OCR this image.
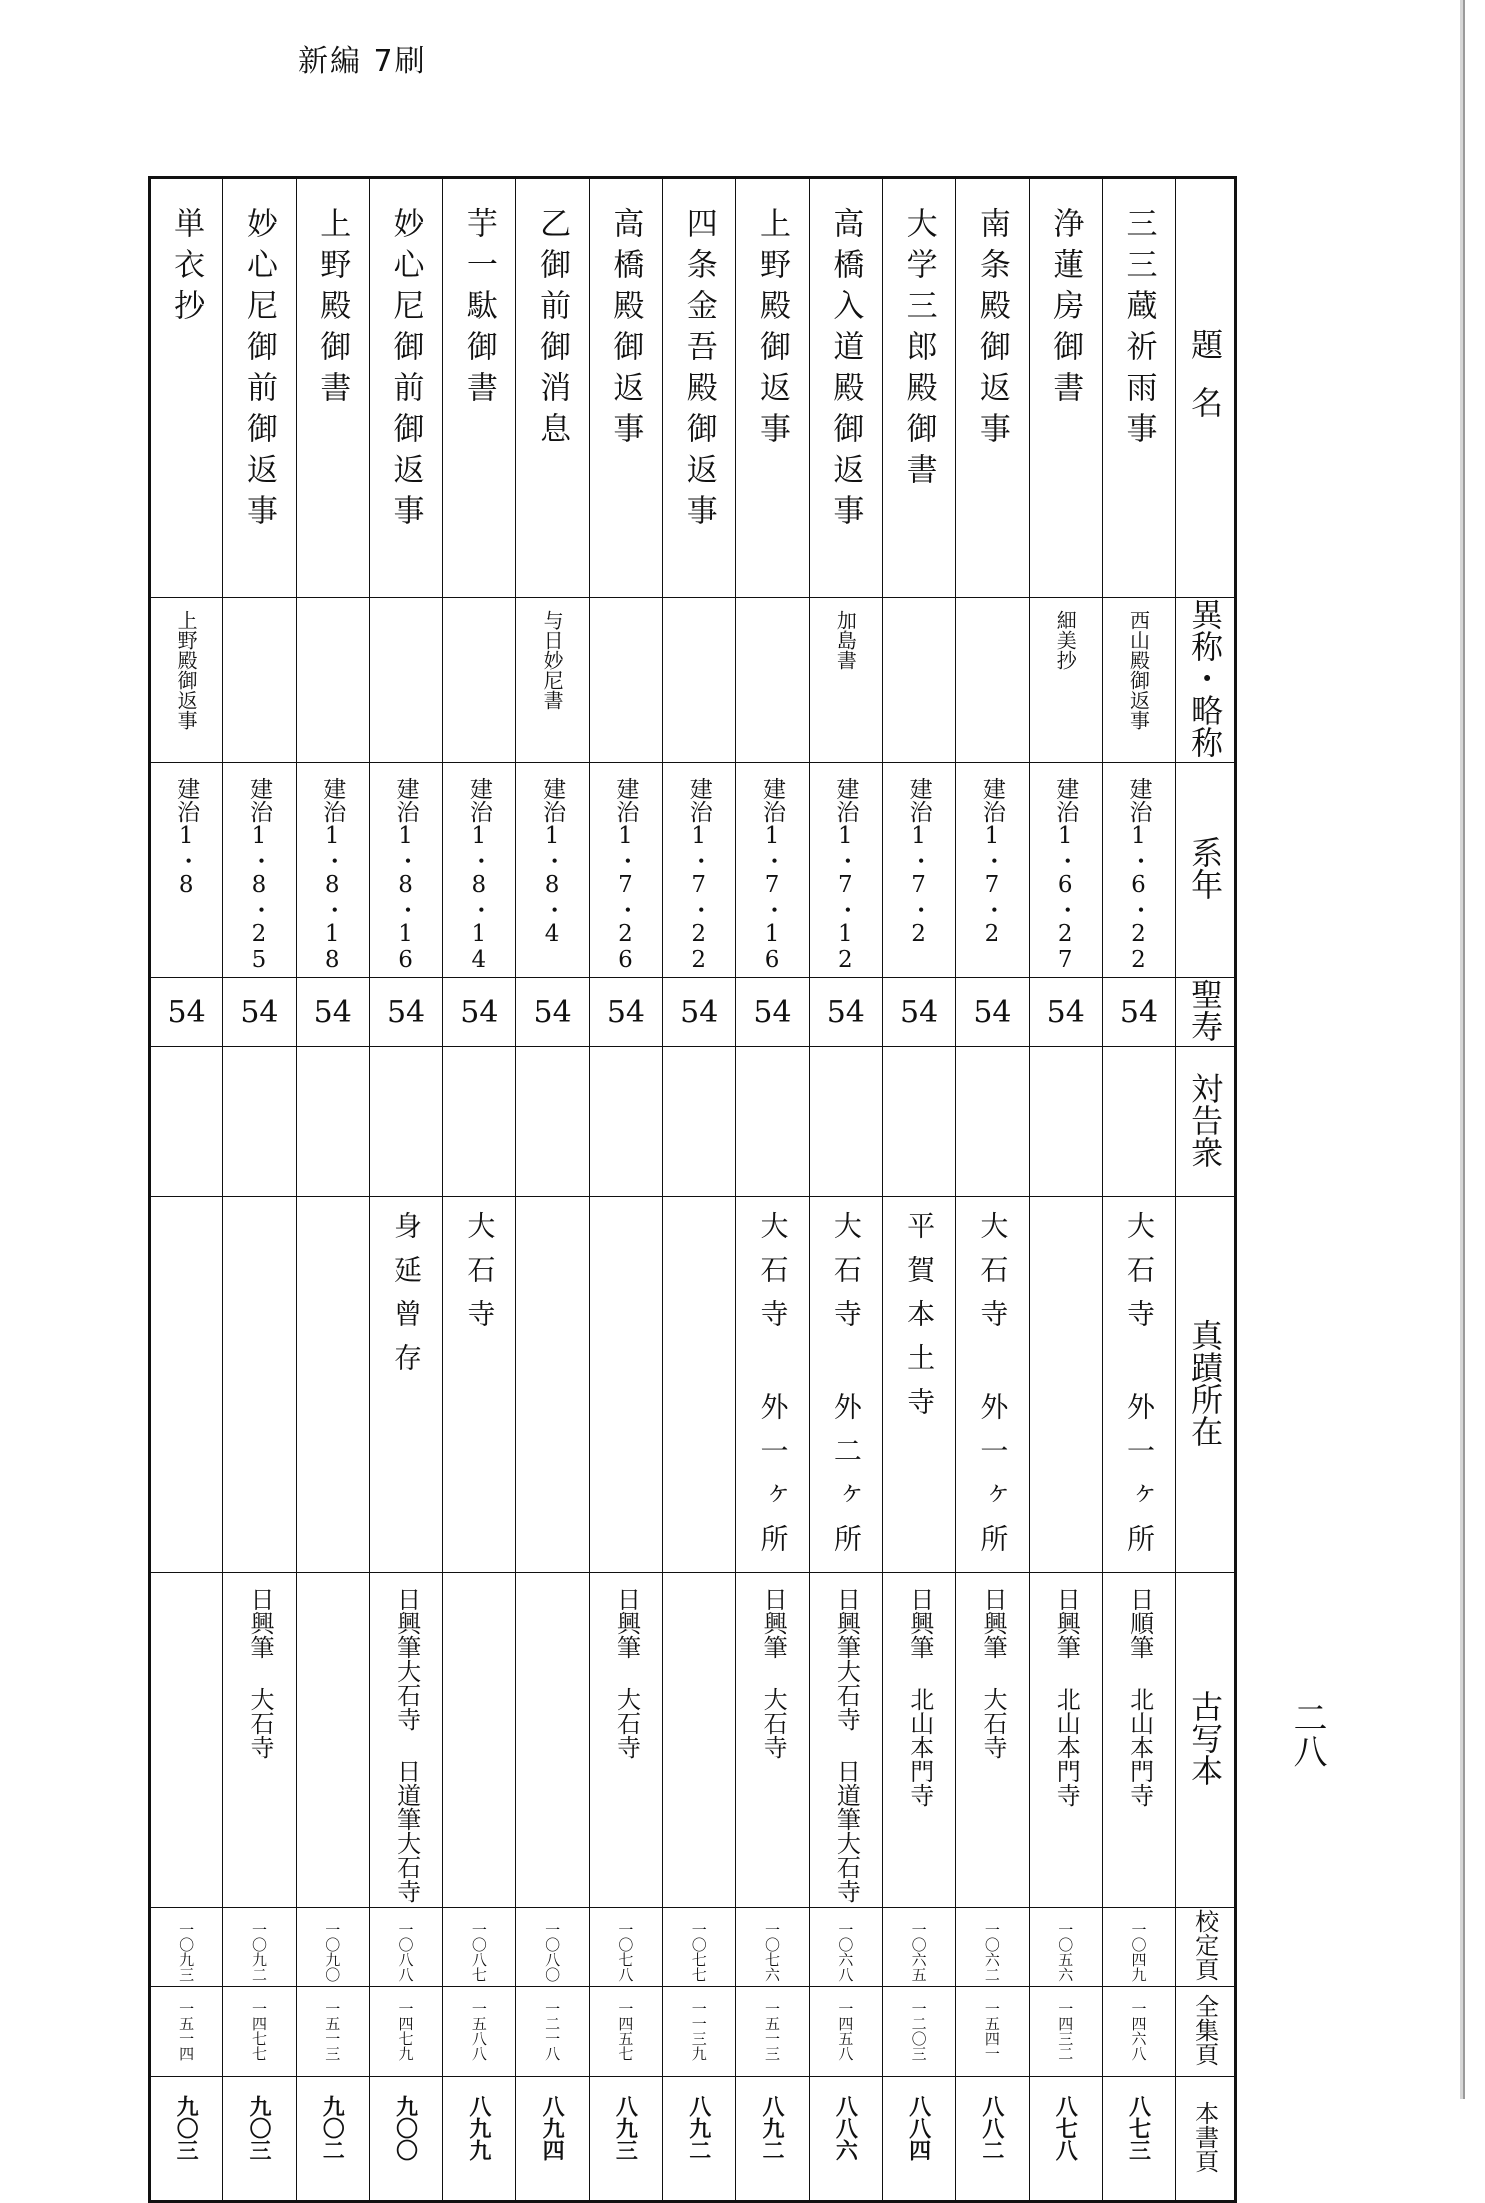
新編 7刷
二八
単衣抄	妙心尼御前御返事	上野殿御書	妙心尼御前御返事	芋一駄御書	乙御前御消息	高橋殿御返事	四条金吾殿御返事	上野殿御返事	高橋入道殿御返事	大学三郎殿御書	南条殿御返事	浄蓮房御書	三三蔵祈雨事	題名
上野殿御返事					与日妙尼書				加島書			細美抄	西山殿御返事	異称・略称
建治1・8	建治1・8・25	建治1・8・18	建治1・8・16	建治1・8・14	建治1・8・4	建治1・7・26	建治1・7・22	建治1・7・16	建治1・7・12	建治1・7・2	建治1・7・2	建治1・6・27	建治1・6・22	系年
54	54	54	54	54	54	54	54	54	54	54	54	54	54	聖寿
														対告衆
			身延曾存	大石寺				大石寺 外一ヶ所	大石寺 外二ヶ所	平賀本土寺	大石寺 外一ヶ所		大石寺 外一ヶ所	真蹟所在
	日興筆 大石寺		日興筆大石寺 日道筆大石寺			日興筆 大石寺		日興筆 大石寺	日興筆大石寺 日道筆大石寺	日興筆 北山本門寺	日興筆 大石寺	日興筆 北山本門寺	日順筆 北山本門寺	古写本
一〇九三	一〇九二	一〇九〇	一〇八八	一〇八七	一〇八〇	一〇七八	一〇七七	一〇七六	一〇六八	一〇六五	一〇六二	一〇五六	一〇四九	校定頁
一五一四	一四七七	一五一三	一四七九	一五八八	一二一八	一四五七	一一三九	一五一三	一四五八	一二〇三	一五四一	一四三二	一四六八	全集頁
九〇三	九〇三	九〇二	九〇〇	八九九	八九四	八九三	八九二	八九二	八八六	八八四	八八二	八七八	八七三	本書頁
